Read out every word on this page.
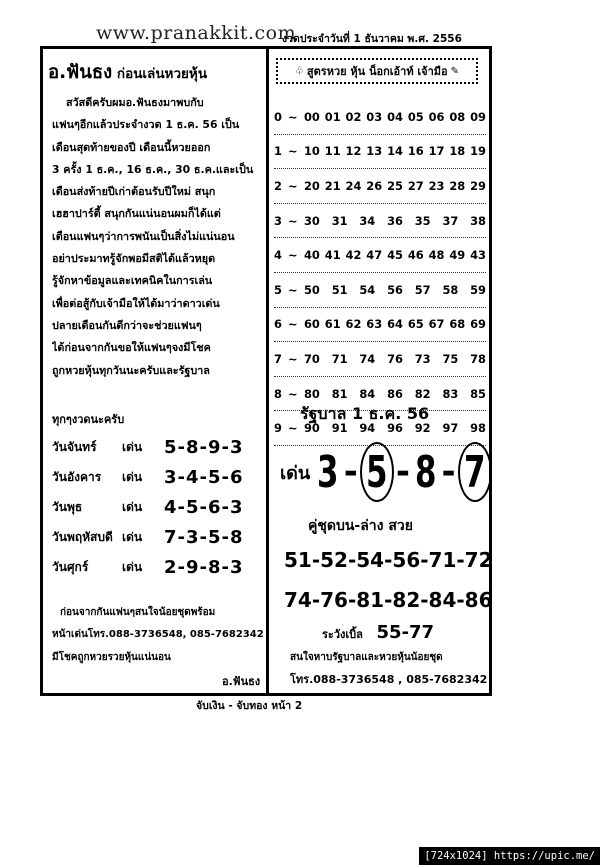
www.pranakkit.com
งวดประจำวันที่ 1 ธันวาคม พ.ศ. 2556
อ.ฟันธง ก่อนเล่นหวยหุ้น
สวัสดีครับผมอ.ฟันธงมาพบกับ
แฟนๆอีกแล้วประจำงวด 1 ธ.ค. 56 เป็น
เดือนสุดท้ายของปี เดือนนี้หวยออก
3 ครั้ง 1 ธ.ค., 16 ธ.ค., 30 ธ.ค.และเป็น
เดือนส่งท้ายปีเก่าต้อนรับปีใหม่ สนุก
เฮฮาปาร์ตี้ สนุกกันแน่นอนผมก็ได้แต่
เตือนแฟนๆว่าการพนันเป็นสิ่งไม่แน่นอน
อย่าประมาทรู้จักพอมีสติได้แล้วหยุด
รู้จักหาข้อมูลและเทคนิคในการเล่น
เพื่อต่อสู้กับเจ้ามือให้ได้มาว่าดาวเด่น
ปลายเดือนกันดีกว่าจะช่วยแฟนๆ
ได้ก่อนจากกันขอให้แฟนๆจงมีโชค
ถูกหวยหุ้นทุกวันนะครับและรัฐบาล
ทุกๆงวดนะครับ
วันจันทร์	เด่น	5-8-9-3
วันอังคาร	เด่น	3-4-5-6
วันพุธ	เด่น	4-5-6-3
วันพฤหัสบดี เด่น	7-3-5-8
วันศุกร์	เด่น	2-9-8-3
ก่อนจากกันแฟนๆสนใจน้อยชุดพร้อม
หน้าเด่นโทร.088-3736548, 085-7682342
มีโชคถูกหวยรวยหุ้นแน่นอน
อ.ฟันธง
♧ สูตรหวย หุ้น น็อกเอ้าท์ เจ้ามือ ✎
0 ~ 00 01 02 03 04 05 06 08 09
1 ~ 10 11 12 13 14 16 17 18 19
2 ~ 20 21 24 26 25 27 23 28 29
3 ~ 30 31 34 36 35 37 38
4 ~ 40 41 42 47 45 46 48 49 43
5 ~ 50 51 54 56 57 58 59
6 ~ 60 61 62 63 64 65 67 68 69
7 ~ 70 71 74 76 73 75 78
8 ~ 80 81 84 86 82 83 85
9 ~ 90 91 94 96 92 97 98
รัฐบาล 1 ธ.ค. 56
เด่น 3 - 5 - 8 - 7
คู่ชุดบน-ล่าง สวย
51-52-54-56-71-72
74-76-81-82-84-86
ระวังเบิ้ล 55-77
สนใจหาบรัฐบาลและหวยหุ้นน้อยชุด
โทร.088-3736548 , 085-7682342
จับเงิน - จับทอง หน้า 2
[724x1024] https://upic.me/
